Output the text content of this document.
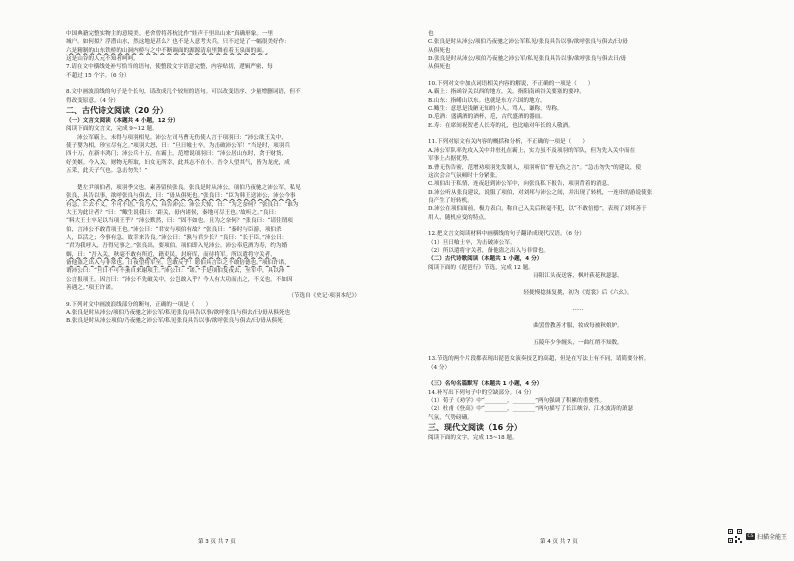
中国典籍完整实物主的意境美。老舍曾将苏杭比作“娃声千里出山来”真确形象。一里

城户。如何拟？浮潜山水，然这地是甚么？也不是人意考夫兵，只不过是了一幅很美好作：

六是精制的山东铁桥的山洞内桥与之中不断调面的源源清泉里舞看着玉泉面的面。

这是山谷的人元不知者呵呵。

7.请在文中横线处补写恰当的语句，使整段文字语意完整，内容贴切，逻辑严密，每

不超过 15 个字。（6 分）

8.文中画波浪线的句子是个长句，请改成几个较短的语句。可以改变语序、少量增删词语，但不

得改变原意。（4 分）

二、古代诗文阅读（20 分）

（一）文言文阅读（本题共 4 小题，12 分）

阅读下面的文言文，完成 9~12 题。

沛公军霸上，未得与项羽相见。沛公左司马曹无伤使人言于项羽曰：“沛公欲王关中，

使子婴为相，珍宝尽有之。”项羽大怒，曰：“旦日飨士卒，为击破沛公军！”当是时，项羽兵

四十万，在新丰鸿门；沛公兵十万，在霸上。范增说项羽曰：“沛公居山东时，贪于财货，

好美姬。今入关，财物无所取，妇女无所幸，此其志不在小。吾令人望其气，皆为龙虎，成

五采，此天子气也。急击勿失！”

楚左尹项伯者，项羽季父也，素善留侯张良。张良是时从沛公，项伯乃夜驰之沛公军，私见

张良，具告以事，欲呼张良与俱去，曰：“毋从俱死也。”张良曰：“臣为韩王送沛公，沛公今事

有急，亡去不义，不可不语。”良乃入，具告沛公。沛公大惊，曰：“为之奈何？”张良曰：“谁为

大王为此计者？”曰：“鲰生说我曰：‘距关，毋内诸侯，秦地可尽王也。’故听之。”良曰：

“料大王士卒足以当项王乎？”沛公默然，曰：“固不如也。且为之奈何？”张良曰：“请往谓项

伯，言沛公不敢背项王也。”沛公曰：“君安与项伯有故？”张良曰：“秦时与臣游，项伯杀

人，臣活之；今事有急，故幸来告良。”沛公曰：“孰与君少长？”良曰：“长于臣。”沛公曰：

“君为我呼入，吾得兄事之。”张良出，要项伯。项伯即入见沛公。沛公奉卮酒为寿，约为婚

姻，曰：“吾入关，秋毫不敢有所近，籍吏民，封府库，而待将军。所以遣将守关者，

备他盗之出入与非常也。日夜望将军至，岂敢反乎！愿伯具言臣之不敢倍德也。”项伯许诺，

谓沛公曰：“旦日不可不蚤自来谢项王。”沛公曰：“诺。”于是项伯复夜去，至军中，具以沛

公言报项王。因言曰：“沛公不先破关中，公岂敢入乎？今人有大功而击之，不义也。不如因

善遇之。”项王许诺。

（节选自《史记·项羽本纪》）

9.下列对文中画波浪线部分的断句，正确的一项是（　　）

A.张良是时从沛公/项伯乃夜驰之沛公军/私见张良/具告以事/欲呼张良与俱去/曰/毋从俱死也

B.张良是时从沛公项伯/乃夜驰之沛公军/私见张良具告以事/欲呼张良与俱去/曰/毋从俱死

也

C.张良是时从沛公/项伯乃夜驰之沛公军私见/张良具告以事/欲呼张良与俱去/曰/毋

从俱死也

D.张良是时从沛公/项伯乃夜驰之沛公军/私见张良具告以事/欲呼张良与俱去曰/毋

从俱死也

10.下列对文中加点词语相关内容的解说，不正确的一项是（　　）

A.霸上：指函谷关以西的地方，关，指阳南函谷关要塞的要冲。

B.山东：指崤山以东。也就是东方六国的地方。

C.鲰生：意思是浅陋无知的小人。骂人，谦称，卑称。

D.卮酒：盛满酒的酒杯，卮，古代盛酒的器皿。

E.寿：在席间祝贺老人长寿的礼，也比喻对年长的人敬酒。

11.下列对原文有关内容的概括和分析，不正确的一项是（　　）

A.沛公军队率先攻入关中并驻扎在霸上，实力虽不及项羽的军队，但为先入关中而在

军事上占据优势。

B.曹无伤告密，范增劝项羽先发制人，项羽听信“曹无伤之言”。“急击勿失”的建议，使

这次会合气氛顿时十分紧张。

C.项伯出于私情，连夜赶到沛公军中，向张良私下报告，项羽背着的消息。

D.沛公听从张良建议，说服了项伯，对刘邦与沛公之间，并出现了转机，一连串的游说使张

良产生了好转机。

D.沛公在项伯面前，极力表白，称自己入关后秋毫不犯，以“不敢倍德”，表现了刘邦善于

用人、随机应变的特点。

12.把文言文阅读材料中画横线的句子翻译成现代汉语。（6 分）

（1）旦日飨士卒，为击破沛公军。

（2）所以遣将守关者，备他盗之出入与非常也。

（二）古代诗歌阅读（本题共 1 小题，4 分）

阅读下面的《琵琶行》节选，完成 12 题。

浔阳江头夜送客，枫叶荻花秋瑟瑟。

轻拢慢捻抹复挑，初为《霓裳》后《六幺》。

……

曲罢曾教善才服，妆成每被秋娘妒。

五陵年少争缠头，一曲红绡不知数。

13.节选的两个片段都表现出琵琶女演奏技艺的高超，但是在写法上有不同，请简要分析。

（4 分）

（三）名句名篇默写（本题共 1 小题，4 分）

14.补写出下列句子中的空缺部分。（4 分）

（1）荀子《劝学》中“________，________”两句强调了积累的重要性。

（2）杜甫《登高》中“________，________”两句描写了长江峡谷、江水波涛的萧瑟

气氛，气势磅礴。

三、现代文阅读（16 分）

阅读下面的文字，完成 15~18 题。

第 3 页 共 7 页	第 4 页 共 7 页
CS 扫描全能王
